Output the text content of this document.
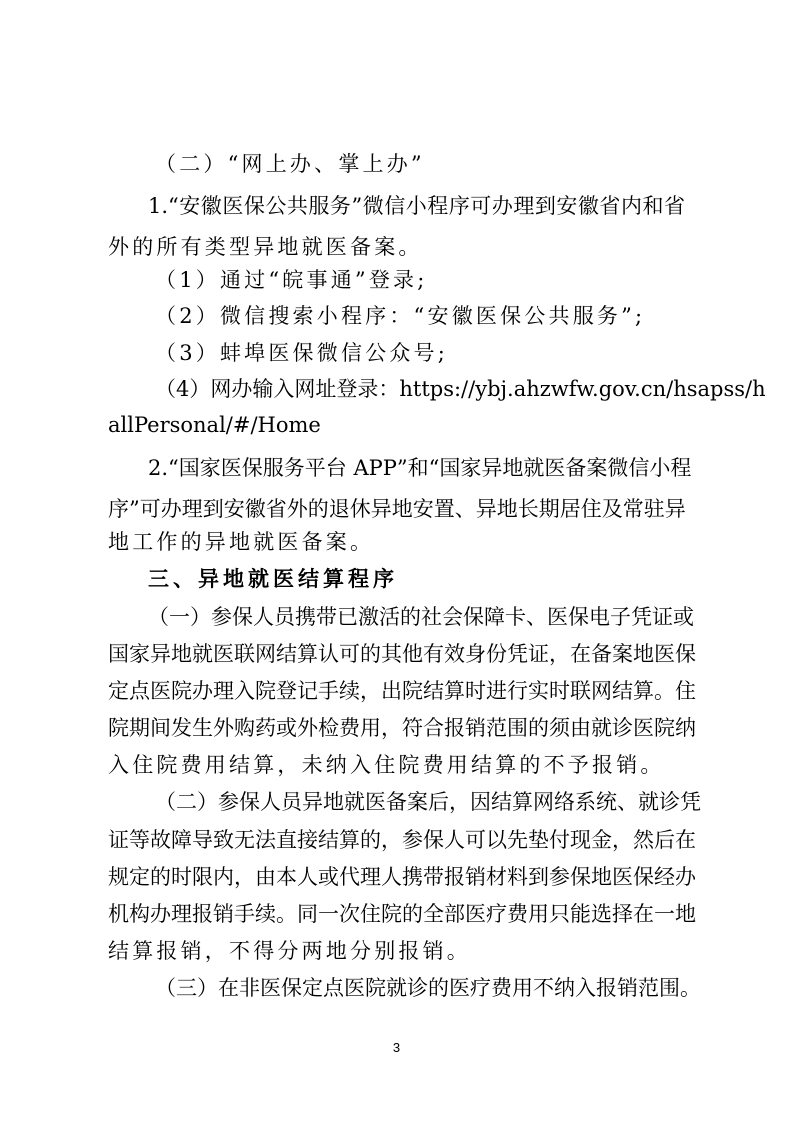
（二）“网上办、掌上办”
1.“安徽医保公共服务”微信小程序可办理到安徽省内和省
外的所有类型异地就医备案。
（1）通过“皖事通”登录;
（2）微信搜索小程序：“安徽医保公共服务”;
（3）蚌埠医保微信公众号;
（4）网办输入网址登录：https://ybj.ahzwfw.gov.cn/hsapss/h
allPersonal/#/Home
2.“国家医保服务平台 APP”和“国家异地就医备案微信小程
序”可办理到安徽省外的退休异地安置、异地长期居住及常驻异
地工作的异地就医备案。
三、异地就医结算程序
（一）参保人员携带已激活的社会保障卡、医保电子凭证或
国家异地就医联网结算认可的其他有效身份凭证，在备案地医保
定点医院办理入院登记手续，出院结算时进行实时联网结算。住
院期间发生外购药或外检费用，符合报销范围的须由就诊医院纳
入住院费用结算，未纳入住院费用结算的不予报销。
（二）参保人员异地就医备案后，因结算网络系统、就诊凭
证等故障导致无法直接结算的，参保人可以先垫付现金，然后在
规定的时限内，由本人或代理人携带报销材料到参保地医保经办
机构办理报销手续。同一次住院的全部医疗费用只能选择在一地
结算报销，不得分两地分别报销。
（三）在非医保定点医院就诊的医疗费用不纳入报销范围。
3
